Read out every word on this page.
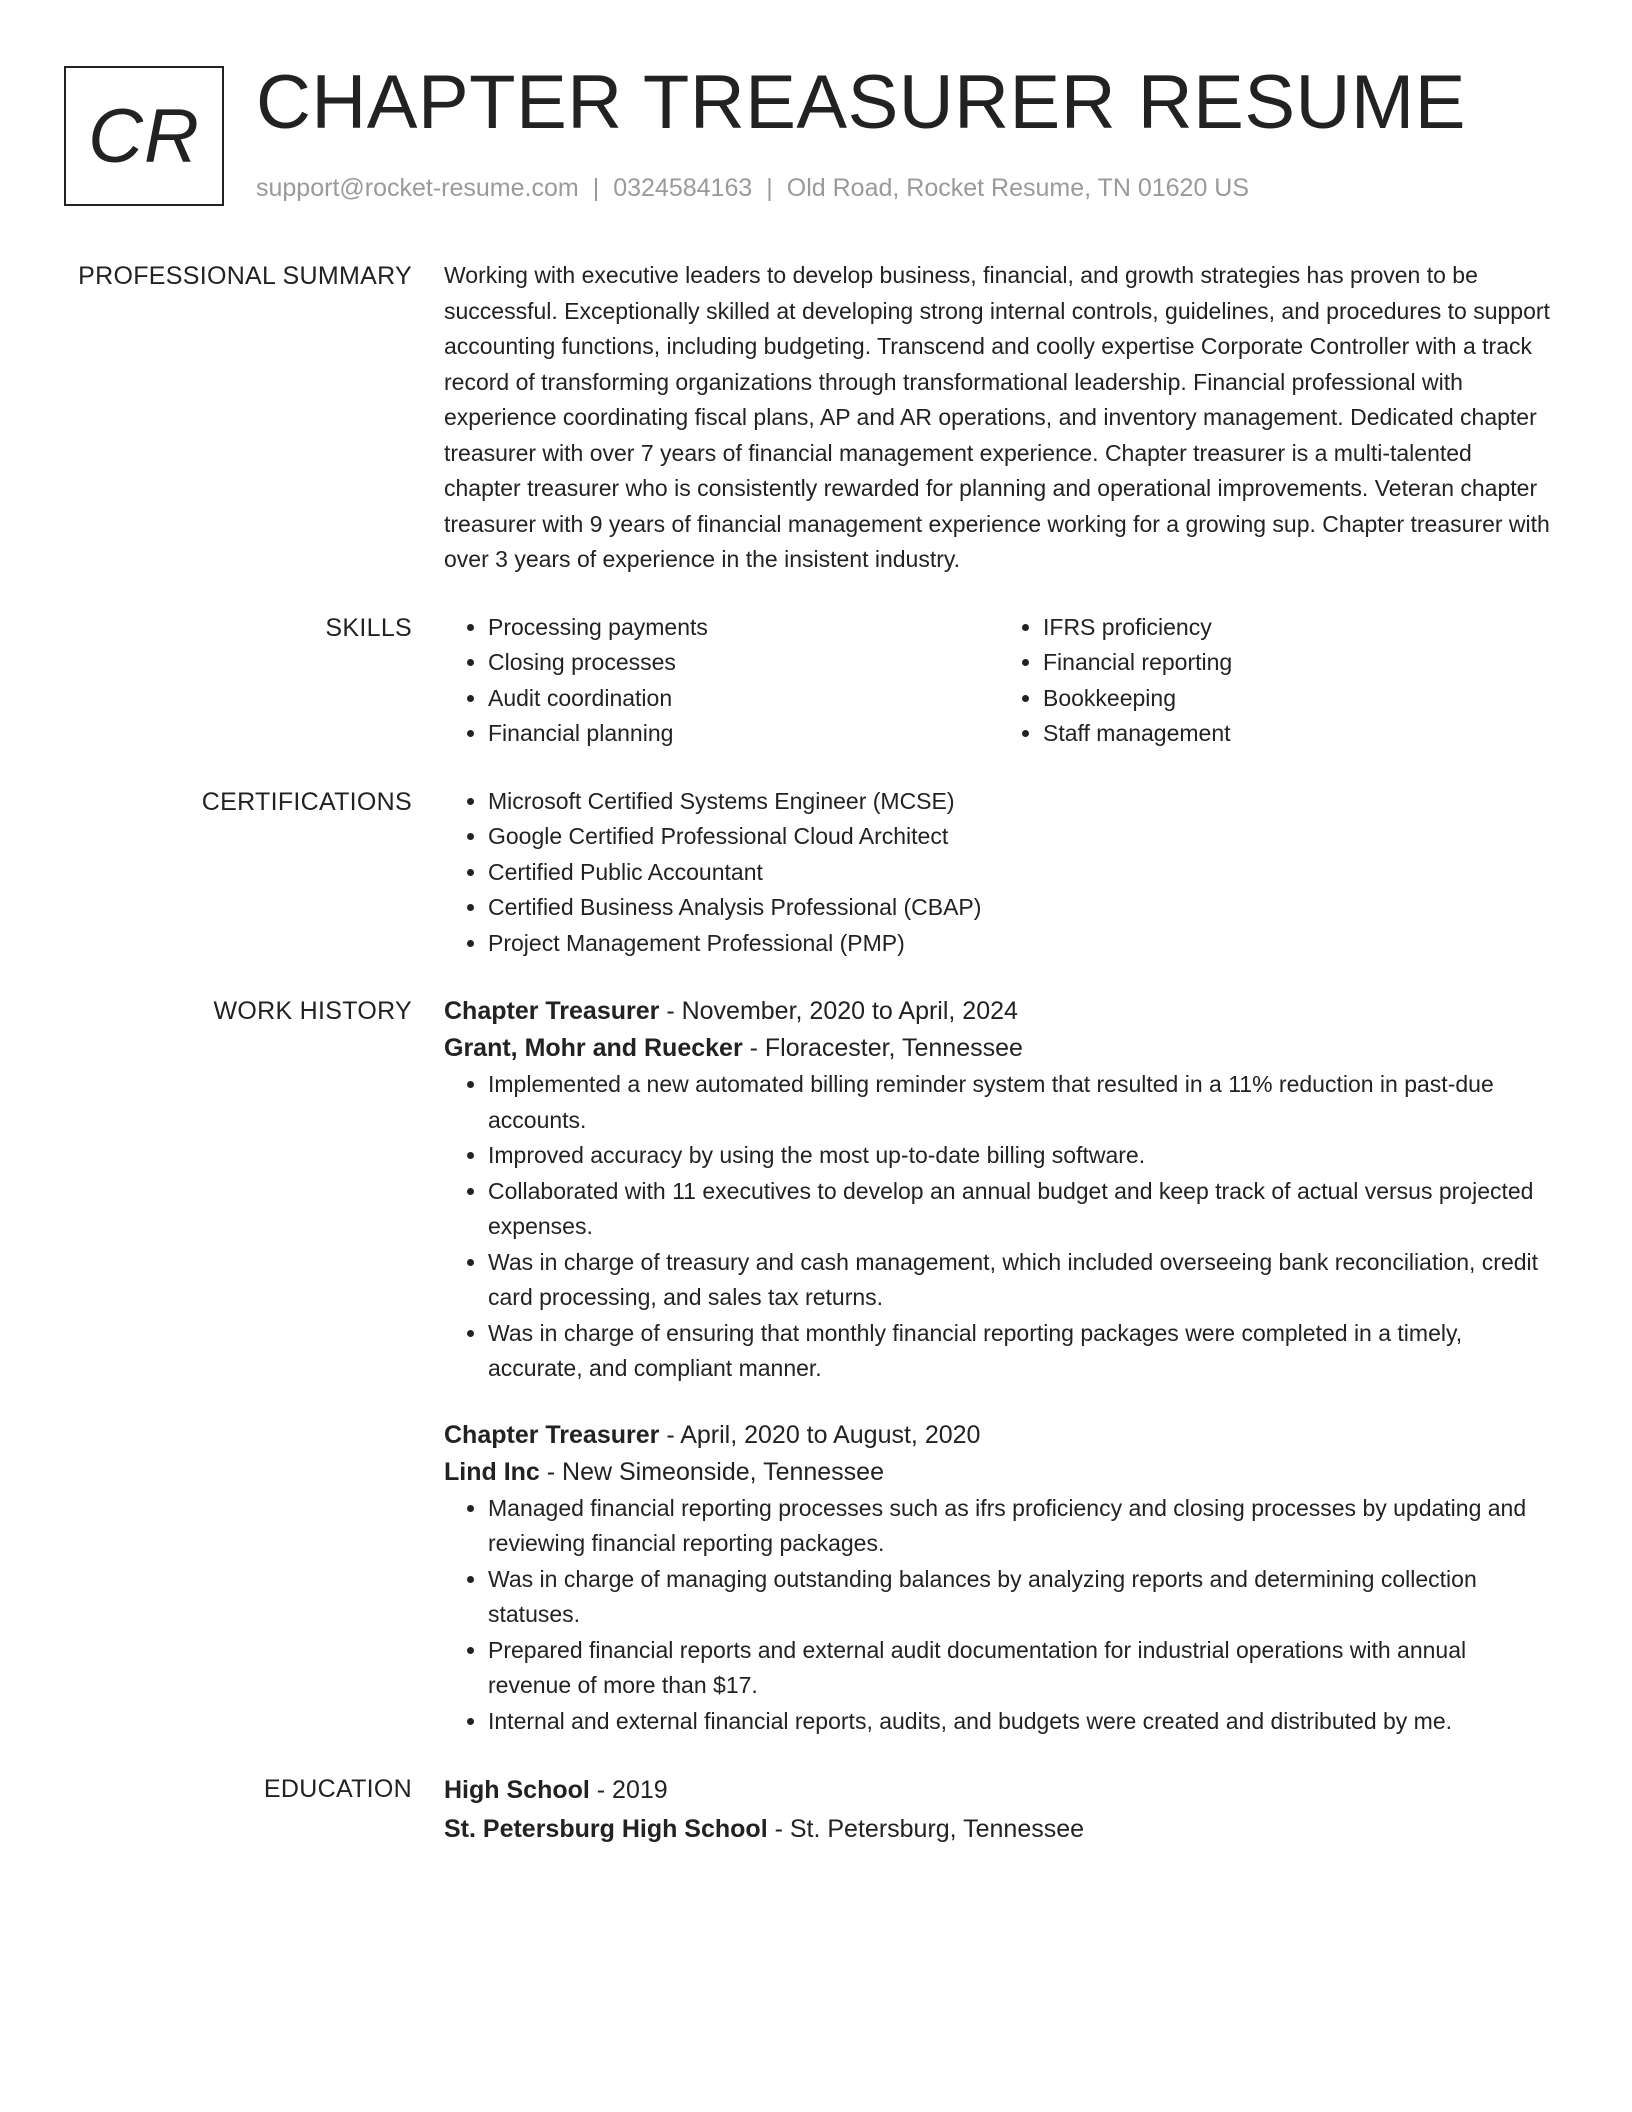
CR CHAPTER TREASURER RESUME
support@rocket-resume.com | 0324584163 | Old Road, Rocket Resume, TN 01620 US
PROFESSIONAL SUMMARY Working with executive leaders to develop business, financial, and growth strategies has proven to be successful. Exceptionally skilled at developing strong internal controls, guidelines, and procedures to support accounting functions, including budgeting. Transcend and coolly expertise Corporate Controller with a track record of transforming organizations through transformational leadership. Financial professional with experience coordinating fiscal plans, AP and AR operations, and inventory management. Dedicated chapter treasurer with over 7 years of financial management experience. Chapter treasurer is a multi-talented chapter treasurer who is consistently rewarded for planning and operational improvements. Veteran chapter treasurer with 9 years of financial management experience working for a growing sup. Chapter treasurer with over 3 years of experience in the insistent industry.

SKILLS	• Processing payments
• Closing processes
• Audit coordination
• Financial planning
• IFRS proficiency
• Financial reporting
• Bookkeeping
• Staff management
CERTIFICATIONS	• Microsoft Certified Systems Engineer (MCSE)
• Google Certified Professional Cloud Architect
• Certified Public Accountant
• Certified Business Analysis Professional (CBAP)
• Project Management Professional (PMP)
WORK HISTORY Chapter Treasurer - November, 2020 to April, 2024

Grant, Mohr and Ruecker - Floracester, Tennessee

• Implemented a new automated billing reminder system that resulted in a 11% reduction in past-due accounts.
• Improved accuracy by using the most up-to-date billing software.
• Collaborated with 11 executives to develop an annual budget and keep track of actual versus projected expenses.
• Was in charge of treasury and cash management, which included overseeing bank reconciliation, credit card processing, and sales tax returns.
• Was in charge of ensuring that monthly financial reporting packages were completed in a timely, accurate, and compliant manner.

Chapter Treasurer - April, 2020 to August, 2020

Lind Inc - New Simeonside, Tennessee

• Managed financial reporting processes such as ifrs proficiency and closing processes by updating and reviewing financial reporting packages.
• Was in charge of managing outstanding balances by analyzing reports and determining collection statuses.
• Prepared financial reports and external audit documentation for industrial operations with annual revenue of more than $17.
• Internal and external financial reports, audits, and budgets were created and distributed by me.
EDUCATION High School - 2019

St. Petersburg High School - St. Petersburg, Tennessee
